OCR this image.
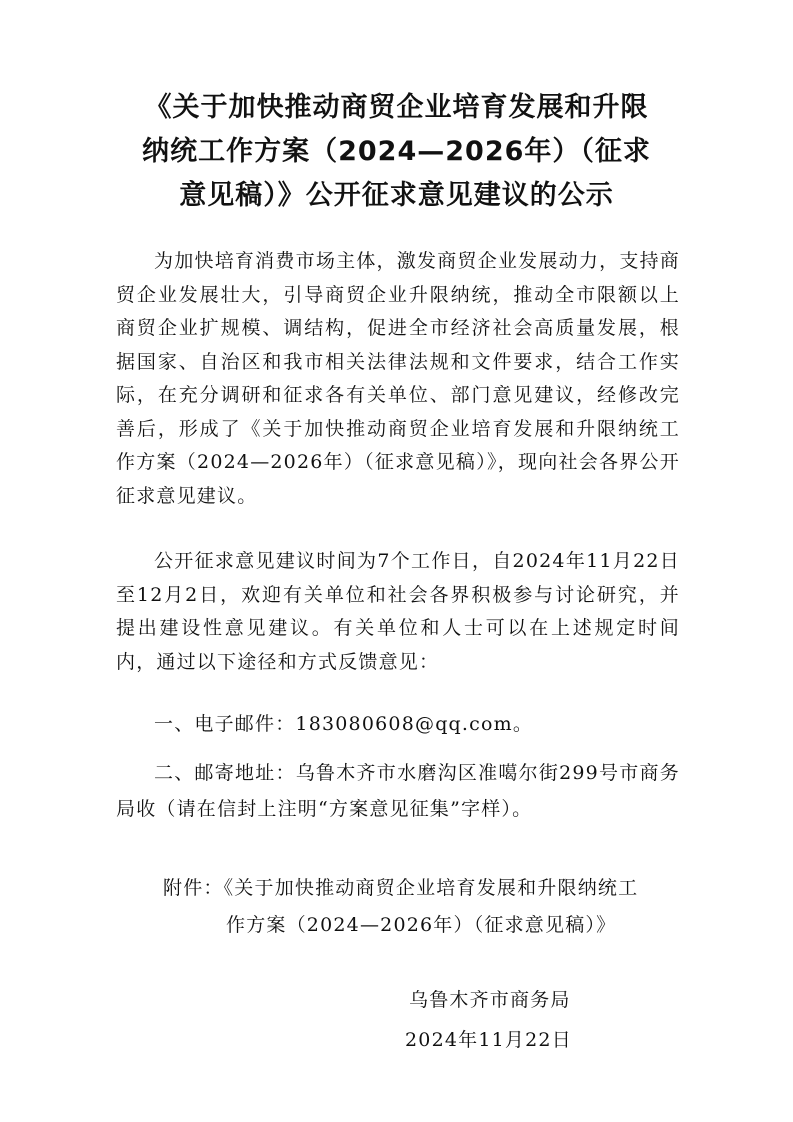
《关于加快推动商贸企业培育发展和升限
纳统工作方案（2024—2026年）（征求
意见稿）》公开征求意见建议的公示

为加快培育消费市场主体，激发商贸企业发展动力，支持商贸企业发展壮大，引导商贸企业升限纳统，推动全市限额以上商贸企业扩规模、调结构，促进全市经济社会高质量发展，根据国家、自治区和我市相关法律法规和文件要求，结合工作实际，在充分调研和征求各有关单位、部门意见建议，经修改完善后，形成了《关于加快推动商贸企业培育发展和升限纳统工作方案（2024—2026年）（征求意见稿）》，现向社会各界公开征求意见建议。

公开征求意见建议时间为7个工作日，自2024年11月22日至12月2日，欢迎有关单位和社会各界积极参与讨论研究，并提出建设性意见建议。有关单位和人士可以在上述规定时间内，通过以下途径和方式反馈意见：

一、电子邮件：183080608@qq.com。

二、邮寄地址：乌鲁木齐市水磨沟区准噶尔街299号市商务局收（请在信封上注明“方案意见征集”字样）。

附件：《关于加快推动商贸企业培育发展和升限纳统工
作方案（2024—2026年）（征求意见稿）》
乌鲁木齐市商务局
2024年11月22日
